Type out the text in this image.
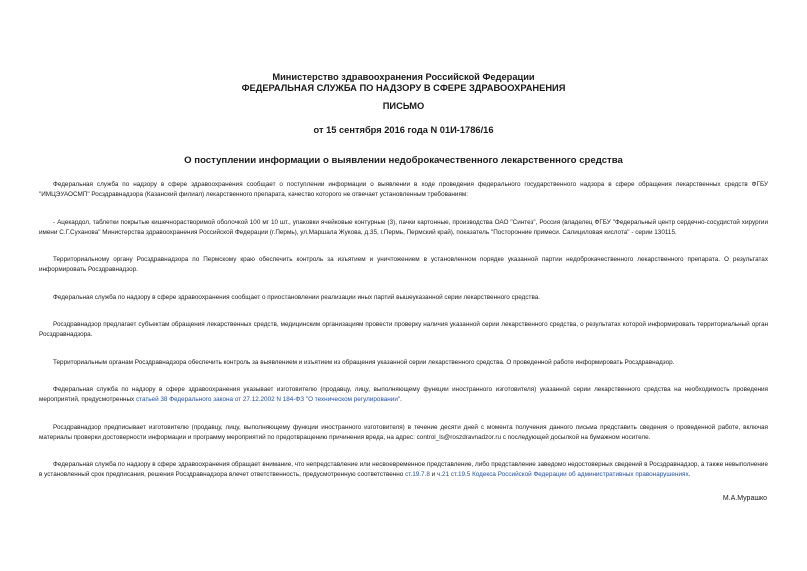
Министерство здравоохранения Российской Федерации
ФЕДЕРАЛЬНАЯ СЛУЖБА ПО НАДЗОРУ В СФЕРЕ ЗДРАВООХРАНЕНИЯ
ПИСЬМО
от 15 сентября 2016 года N 01И-1786/16
О поступлении информации о выявлении недоброкачественного лекарственного средства

Федеральная служба по надзору в сфере здравоохранения сообщает о поступлении информации о выявлении в ходе проведения федерального государственного надзора в сфере обращения лекарственных средств ФГБУ "ИМЦЭУАОСМП" Росздравнадзора (Казанский филиал) лекарственного препарата, качество которого не отвечает установленным требованиям:

- Ацекардол, таблетки покрытые кишечнорастворимой оболочкой 100 мг 10 шт., упаковки ячейковые контурные (3), пачки картонные, производства ОАО "Синтез", Россия (владелец ФГБУ "Федеральный центр сердечно-сосудистой хирургии имени С.Г.Суханова" Министерства здравоохранения Российской Федерации (г.Пермь), ул.Маршала Жукова, д.35, г.Пермь, Пермский край), показатель "Посторонние примеси. Салициловая кислота" - серии 130115.

Территориальному органу Росздравнадзора по Пермскому краю обеспечить контроль за изъятием и уничтожением в установленном порядке указанной партии недоброкачественного лекарственного препарата. О результатах информировать Росздравнадзор.

Федеральная служба по надзору в сфере здравоохранения сообщает о приостановлении реализации иных партий вышеуказанной серии лекарственного средства.

Росздравнадзор предлагает субъектам обращения лекарственных средств, медицинским организациям провести проверку наличия указанной серии лекарственного средства, о результатах которой информировать территориальный орган Росздравнадзора.

Территориальным органам Росздравнадзора обеспечить контроль за выявлением и изъятием из обращения указанной серии лекарственного средства. О проведенной работе информировать Росздравнадзор.

Федеральная служба по надзору в сфере здравоохранения указывает изготовителю (продавцу, лицу, выполняющему функции иностранного изготовителя) указанной серии лекарственного средства на необходимость проведения мероприятий, предусмотренных статьей 38 Федерального закона от 27.12.2002 N 184-ФЗ "О техническом регулировании".

Росздравнадзор предписывает изготовителю (продавцу, лицу, выполняющему функции иностранного изготовителя) в течение десяти дней с момента получения данного письма представить сведения о проведенной работе, включая материалы проверки достоверности информации и программу мероприятий по предотвращению причинения вреда, на адрес: control_ls@roszdravnadzor.ru с последующей досылкой на бумажном носителе.

Федеральная служба по надзору в сфере здравоохранения обращает внимание, что непредставление или несвоевременное представление, либо представление заведомо недостоверных сведений в Росздравнадзор, а также невыполнение в установленный срок предписания, решения Росздравнадзора влечет ответственность, предусмотренную соответственно ст.19.7.8 и ч.21 ст.19.5 Кодекса Российской Федерации об административных правонарушениях.

М.А.Мурашко
